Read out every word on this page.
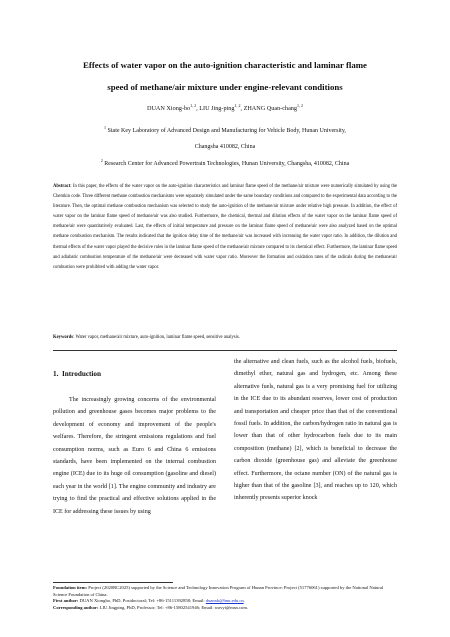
Effects of water vapor on the auto-ignition characteristic and laminar flame
speed of methane/air mixture under engine-relevant conditions
DUAN Xiong-bo$^{1, 2}$, LIU Jing-ping$^{1, 2}$, ZHANG Quan-chang$^{1, 2}$
$^1$ State Key Laboratory of Advanced Design and Manufacturing for Vehicle Body, Hunan University,
Changsha 410082, China
$^2$ Research Center for Advanced Powertrain Technologies, Hunan University, Changsha, 410082, China
Abstract: In this paper, the effects of the water vapor on the auto-ignition characteristics and laminar flame speed of the methane/air mixture were numerically simulated by using the Chemkin code. Three different methane combustion mechanisms were separately simulated under the same boundary conditions and compared to the experimental data according to the literature. Then, the optimal methane combustion mechanism was selected to study the auto-ignition of the methane/air mixture under relative high pressure. In addition, the effect of water vapor on the laminar flame speed of methane/air was also studied. Furthermore, the chemical, thermal and dilution effects of the water vapor on the laminar flame speed of methane/air were quantitatively evaluated. Last, the effects of initial temperature and pressure on the laminar flame speed of methane/air were also analyzed based on the optimal methane combustion mechanism. The results indicated that the ignition delay time of the methane/air was increased with increasing the water vapor ratio. In addition, the dilution and thermal effects of the water vapor played the decisive roles in the laminar flame speed of the methane/air mixture compared to its chemical effect. Furthermore, the laminar flame speed and adiabatic combustion temperature of the methane/air were decreased with water vapor ratio. Moreover the formation and oxidation rates of the radicals during the methane/air combustion were prohibited with adding the water vapor.
Keywords: Water vapor, methane/air mixture, auto-ignition, laminar flame speed, sensitive analysis.
1.  Introduction
The increasingly growing concerns of the environmental pollution and greenhouse gases becomes major problems to the development of economy and improvement of the people's welfares. Therefore, the stringent emissions regulations and fuel consumption norms, such as Euro 6 and China 6 emissions standards, have been implemented on the internal combustion engine (ICE) due to its huge oil consumption (gasoline and diesel) each year in the world [1]. The engine community and industry are trying to find the practical and effective solutions applied in the ICE for addressing these issues by using
the alternative and clean fuels, such as the alcohol fuels, biofuels, dimethyl ether, natural gas and hydrogen, etc. Among these alternative fuels, natural gas is a very promising fuel for utilizing in the ICE due to its abundant reserves, lower cost of production and transportation and cheaper price than that of the conventional fossil fuels. In addition, the carbon/hydrogen ratio in natural gas is lower than that of other hydrocarbon fuels due to its main composition (methane) [2], which is beneficial to decrease the carbon dioxide (greenhouse gas) and alleviate the greenhouse effect. Furthermore, the octane number (ON) of the natural gas is higher than that of the gasoline [3], and reaches up to 120, which inherently presents superior knock
Foundation item: Project (2020RC2025) supported by the Science and Technology Innovation Program of Hunan Province; Project (51776061) supported by the National Natural Science Foundation of China.
First author: DUAN Xiongbo, PhD, Postdoctoral; Tel: +86-15111392858; Email: duanxb@hnu.edu.cn.
Corresponding author: LIU Jingping, PhD, Professor; Tel: +86-15802541946; Email: wavyt@msn.com.
